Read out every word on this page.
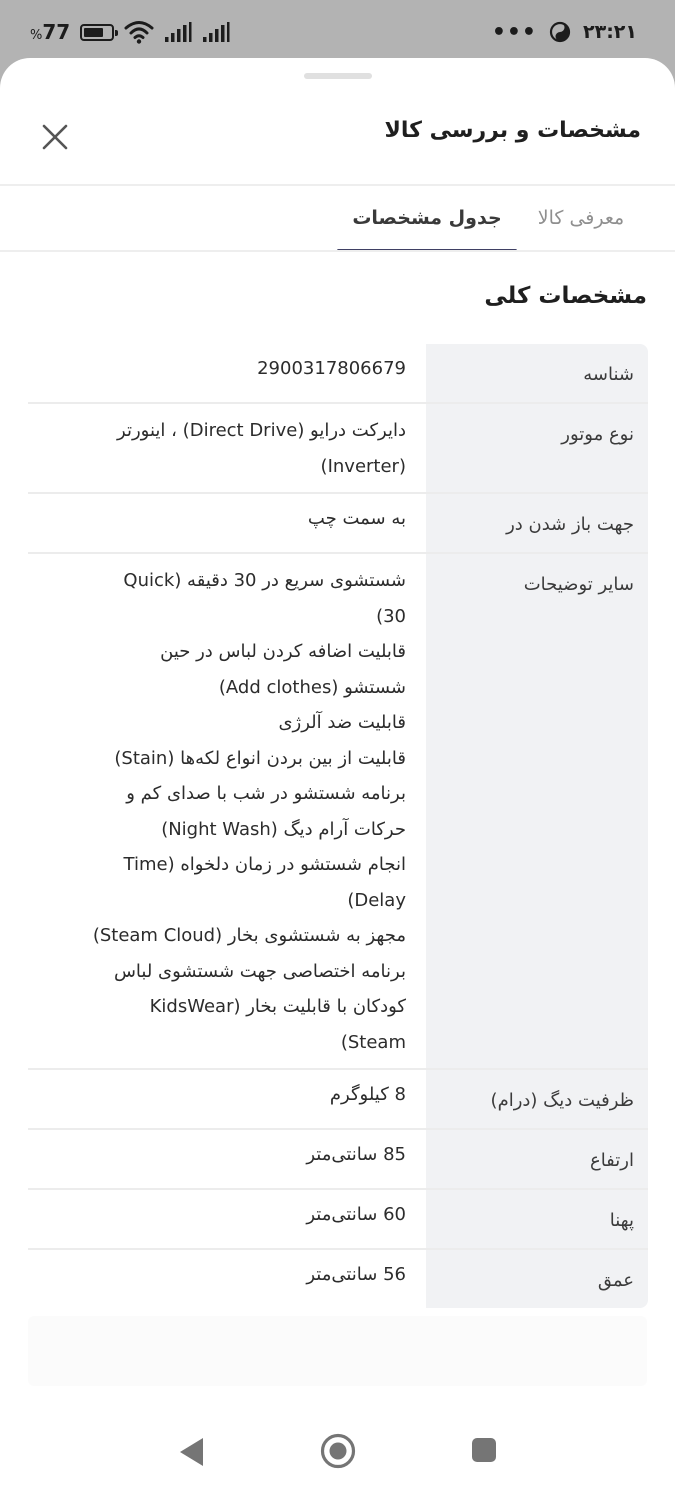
%77	••• ۲۳:۲۱
مشخصات و بررسی کالا
معرفی کالا
جدول مشخصات
مشخصات کلی
شناسه
2900317806679
نوع موتور
دایرکت درایو (Direct Drive) ، اینورتر
(Inverter)
جهت باز شدن در
به سمت چپ
سایر توضیحات
شستشوی سریع در 30 دقیقه (Quick
30)
قابلیت اضافه کردن لباس در حین
شستشو (Add clothes)
قابلیت ضد آلرژی
قابلیت از بین بردن انواع لکه‌ها (Stain)
برنامه شستشو در شب با صدای کم و
حرکات آرام دیگ (Night Wash)
انجام شستشو در زمان دلخواه (Time
Delay)
مجهز به شستشوی بخار (Steam Cloud)
برنامه اختصاصی جهت شستشوی لباس
کودکان با قابلیت بخار (KidsWear
Steam)
ظرفیت دیگ (درام)
8 کیلوگرم
ارتفاع
85 سانتی‌متر
پهنا
60 سانتی‌متر
عمق
56 سانتی‌متر
